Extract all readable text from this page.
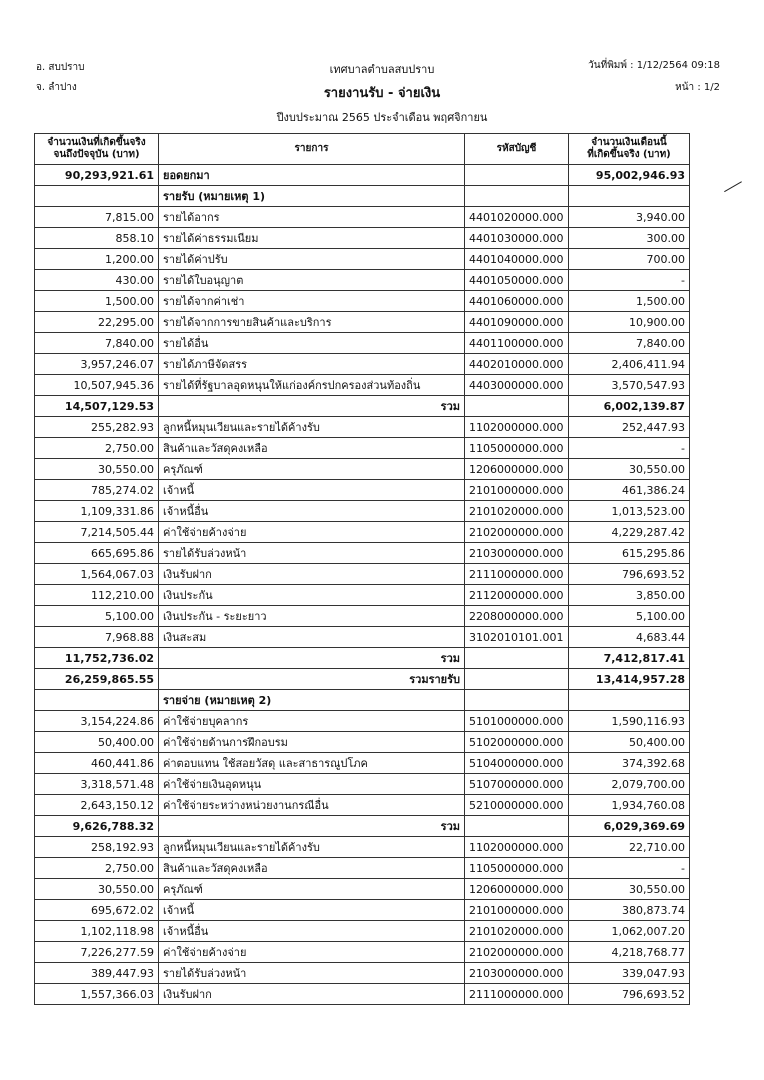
อ. สบปราบ
จ. ลำปาง
เทศบาลตำบลสบปราบ
รายงานรับ - จ่ายเงิน
ปีงบประมาณ 2565 ประจำเดือน พฤศจิกายน
วันที่พิมพ์ : 1/12/2564 09:18
หน้า : 1/2
จำนวนเงินที่เกิดขึ้นจริง
จนถึงปัจจุบัน (บาท)	รายการ	รหัสบัญชี	จำนวนเงินเดือนนี้
ที่เกิดขึ้นจริง (บาท)
90,293,921.61	ยอดยกมา		95,002,946.93
	รายรับ (หมายเหตุ 1)		
7,815.00	รายได้อากร	4401020000.000	3,940.00
858.10	รายได้ค่าธรรมเนียม	4401030000.000	300.00
1,200.00	รายได้ค่าปรับ	4401040000.000	700.00
430.00	รายได้ใบอนุญาต	4401050000.000	-
1,500.00	รายได้จากค่าเช่า	4401060000.000	1,500.00
22,295.00	รายได้จากการขายสินค้าและบริการ	4401090000.000	10,900.00
7,840.00	รายได้อื่น	4401100000.000	7,840.00
3,957,246.07	รายได้ภาษีจัดสรร	4402010000.000	2,406,411.94
10,507,945.36	รายได้ที่รัฐบาลอุดหนุนให้แก่องค์กรปกครองส่วนท้องถิ่น	4403000000.000	3,570,547.93
14,507,129.53	รวม		6,002,139.87
255,282.93	ลูกหนี้หมุนเวียนและรายได้ค้างรับ	1102000000.000	252,447.93
2,750.00	สินค้าและวัสดุคงเหลือ	1105000000.000	-
30,550.00	ครุภัณฑ์	1206000000.000	30,550.00
785,274.02	เจ้าหนี้	2101000000.000	461,386.24
1,109,331.86	เจ้าหนี้อื่น	2101020000.000	1,013,523.00
7,214,505.44	ค่าใช้จ่ายค้างจ่าย	2102000000.000	4,229,287.42
665,695.86	รายได้รับล่วงหน้า	2103000000.000	615,295.86
1,564,067.03	เงินรับฝาก	2111000000.000	796,693.52
112,210.00	เงินประกัน	2112000000.000	3,850.00
5,100.00	เงินประกัน - ระยะยาว	2208000000.000	5,100.00
7,968.88	เงินสะสม	3102010101.001	4,683.44
11,752,736.02	รวม		7,412,817.41
26,259,865.55	รวมรายรับ		13,414,957.28
	รายจ่าย (หมายเหตุ 2)		
3,154,224.86	ค่าใช้จ่ายบุคลากร	5101000000.000	1,590,116.93
50,400.00	ค่าใช้จ่ายด้านการฝึกอบรม	5102000000.000	50,400.00
460,441.86	ค่าตอบแทน ใช้สอยวัสดุ และสาธารณูปโภค	5104000000.000	374,392.68
3,318,571.48	ค่าใช้จ่ายเงินอุดหนุน	5107000000.000	2,079,700.00
2,643,150.12	ค่าใช้จ่ายระหว่างหน่วยงานกรณีอื่น	5210000000.000	1,934,760.08
9,626,788.32	รวม		6,029,369.69
258,192.93	ลูกหนี้หมุนเวียนและรายได้ค้างรับ	1102000000.000	22,710.00
2,750.00	สินค้าและวัสดุคงเหลือ	1105000000.000	-
30,550.00	ครุภัณฑ์	1206000000.000	30,550.00
695,672.02	เจ้าหนี้	2101000000.000	380,873.74
1,102,118.98	เจ้าหนี้อื่น	2101020000.000	1,062,007.20
7,226,277.59	ค่าใช้จ่ายค้างจ่าย	2102000000.000	4,218,768.77
389,447.93	รายได้รับล่วงหน้า	2103000000.000	339,047.93
1,557,366.03	เงินรับฝาก	2111000000.000	796,693.52
